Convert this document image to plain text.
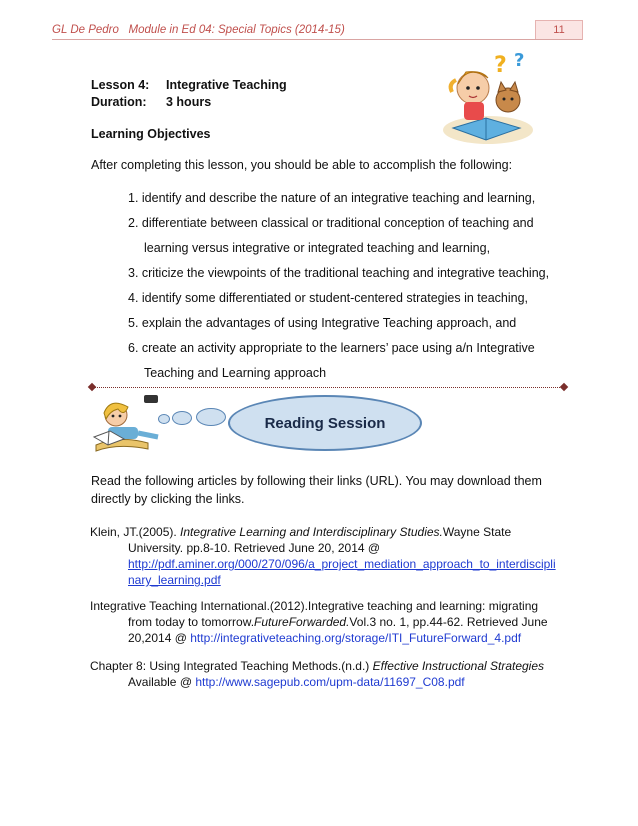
GL De Pedro   Module in Ed 04: Special Topics (2014-15)	11
? ?
Lesson 4: Integrative Teaching
Duration: 3 hours
Learning Objectives
After completing this lesson, you should be able to accomplish the following:
1. identify and describe the nature of an integrative teaching and learning,
2. differentiate between classical or traditional conception of teaching and
learning versus integrative or integrated teaching and learning,
3. criticize the viewpoints of the traditional teaching and integrative teaching,
4. identify some differentiated or student-centered strategies in teaching,
5. explain the advantages of using Integrative Teaching approach, and
6. create an activity appropriate to the learners’ pace using a/n Integrative
Teaching and Learning approach
Reading Session
Read the following articles by following their links (URL). You may download them
directly by clicking the links.
Klein, JT.(2005). Integrative Learning and Interdisciplinary Studies.Wayne State
University. pp.8-10. Retrieved June 20, 2014 @
http://pdf.aminer.org/000/270/096/a_project_mediation_approach_to_interdiscipli
nary_learning.pdf
Integrative Teaching International.(2012).Integrative teaching and learning: migrating
from today to tomorrow.FutureForwarded.Vol.3 no. 1, pp.44-62. Retrieved June
20,2014 @ http://integrativeteaching.org/storage/ITI_FutureForward_4.pdf
Chapter 8: Using Integrated Teaching Methods.(n.d.) Effective Instructional Strategies
Available @ http://www.sagepub.com/upm-data/11697_C08.pdf
